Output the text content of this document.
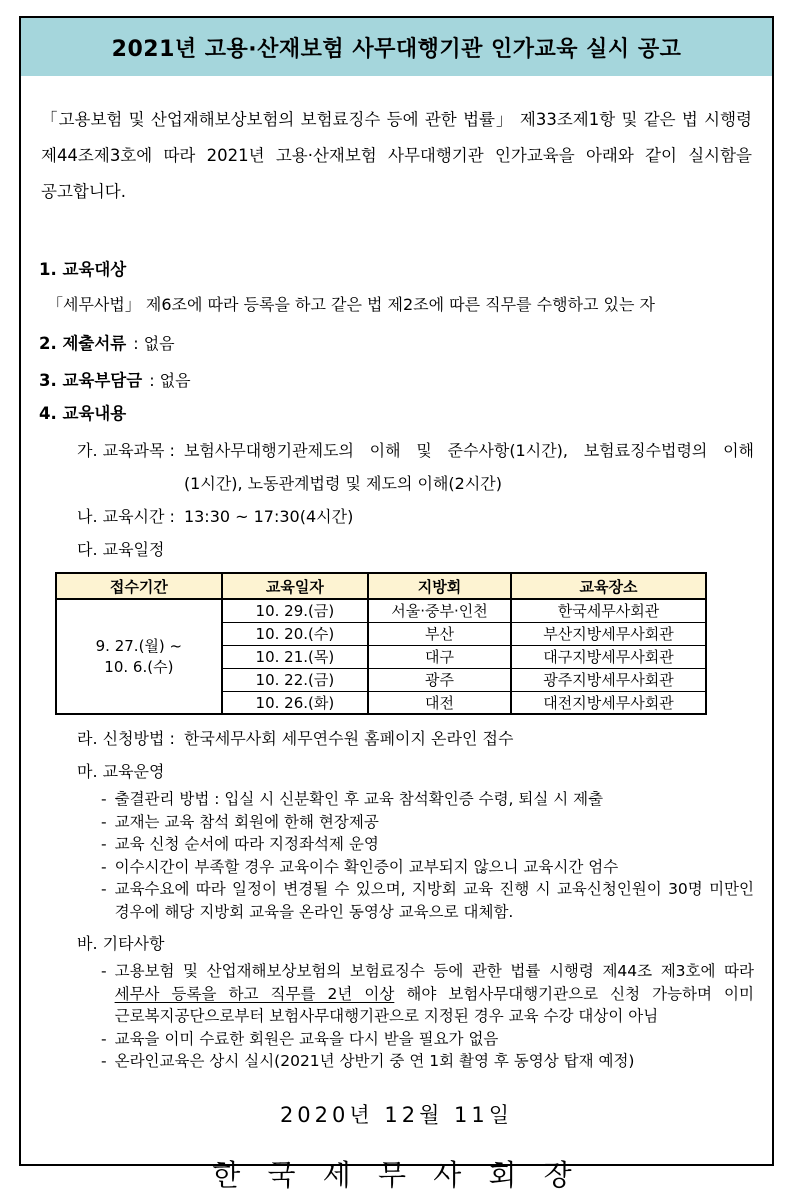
2021년 고용·산재보험 사무대행기관 인가교육 실시 공고

「고용보험 및 산업재해보상보험의 보험료징수 등에 관한 법률」 제33조제1항 및 같은 법 시행령 제44조제3호에 따라 2021년 고용·산재보험 사무대행기관 인가교육을 아래와 같이 실시함을 공고합니다.

1. 교육대상
「세무사법」 제6조에 따라 등록을 하고 같은 법 제2조에 따른 직무를 수행하고 있는 자
2. 제출서류 : 없음
3. 교육부담금 : 없음
4. 교육내용
가. 교육과목 : 보험사무대행기관제도의 이해 및 준수사항(1시간), 보험료징수법령의 이해(1시간), 노동관계법령 및 제도의 이해(2시간)
나. 교육시간 : 13:30 ~ 17:30(4시간)
다. 교육일정
접수기간	교육일자	지방회	교육장소

9. 27.(월) ~
10. 6.(수)	10. 29.(금)	서울·중부·인천	한국세무사회관
	10. 20.(수)	부산	부산지방세무사회관
	10. 21.(목)	대구	대구지방세무사회관
	10. 22.(금)	광주	광주지방세무사회관
	10. 26.(화)	대전	대전지방세무사회관
라. 신청방법 : 한국세무사회 세무연수원 홈페이지 온라인 접수
마. 교육운영
- 출결관리 방법 : 입실 시 신분확인 후 교육 참석확인증 수령, 퇴실 시 제출
- 교재는 교육 참석 회원에 한해 현장제공
- 교육 신청 순서에 따라 지정좌석제 운영
- 이수시간이 부족할 경우 교육이수 확인증이 교부되지 않으니 교육시간 엄수
- 교육수요에 따라 일정이 변경될 수 있으며, 지방회 교육 진행 시 교육신청인원이 30명 미만인 경우에 해당 지방회 교육을 온라인 동영상 교육으로 대체함.
바. 기타사항
- 고용보험 및 산업재해보상보험의 보험료징수 등에 관한 법률 시행령 제44조 제3호에 따라 세무사 등록을 하고 직무를 2년 이상 해야 보험사무대행기관으로 신청 가능하며 이미 근로복지공단으로부터 보험사무대행기관으로 지정된 경우 교육 수강 대상이 아님
- 교육을 이미 수료한 회원은 교육을 다시 받을 필요가 없음
- 온라인교육은 상시 실시(2021년 상반기 중 연 1회 촬영 후 동영상 탑재 예정)
2020년 12월 11일
한 국 세 무 사 회 장
